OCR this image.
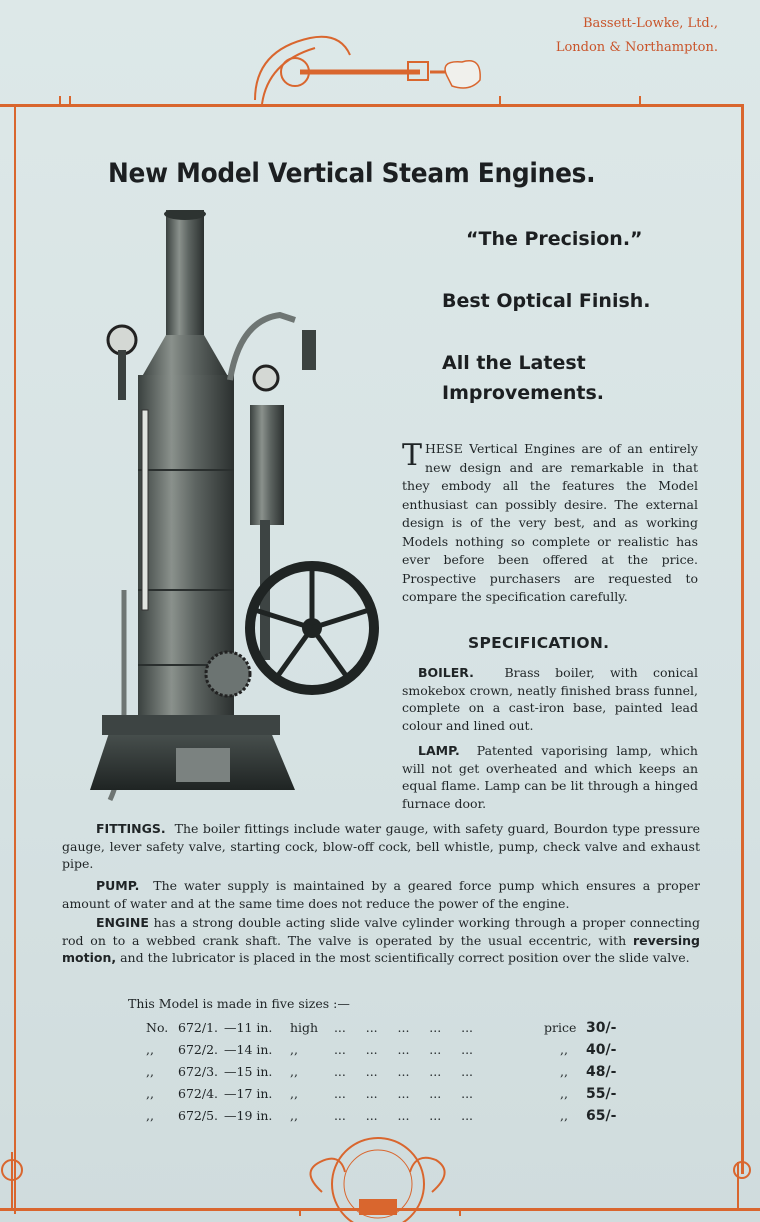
Bassett-Lowke, Ltd.,
London & Northampton.
New Model Vertical Steam Engines.
“The Precision.”
Best Optical Finish.
All the Latest
Improvements.
THESE Vertical Engines are of an entirely new design and are remarkable in that they embody all the features the Model enthusiast can possibly desire. The external design is of the very best, and as working Models nothing so complete or realistic has ever before been offered at the price. Prospective purchasers are requested to compare the specification carefully.
SPECIFICATION.
BOILER. Brass boiler, with conical smokebox crown, neatly finished brass funnel, complete on a cast-iron base, painted lead colour and lined out.
LAMP. Patented vaporising lamp, which will not get overheated and which keeps an equal flame. Lamp can be lit through a hinged furnace door.
FITTINGS. The boiler fittings include water gauge, with safety guard, Bourdon type pressure gauge, lever safety valve, starting cock, blow-off cock, bell whistle, pump, check valve and exhaust pipe.
PUMP. The water supply is maintained by a geared force pump which ensures a proper amount of water and at the same time does not reduce the power of the engine.
ENGINE has a strong double acting slide valve cylinder working through a proper connecting rod on to a webbed crank shaft. The valve is operated by the usual eccentric, with reversing motion, and the lubricator is placed in the most scientifically correct position over the slide valve.
This Model is made in five sizes :—
No. 672/1. —11 in. high ...     ...     ...     ...     ...	price 30/-
,, 672/2. —14 in. ,, ...     ...     ...     ...     ...	,, 40/-
,, 672/3. —15 in. ,, ...     ...     ...     ...     ...	,, 48/-
,, 672/4. —17 in. ,, ...     ...     ...     ...     ...	,, 55/-
,, 672/5. —19 in. ,, ...     ...     ...     ...     ...	,, 65/-
